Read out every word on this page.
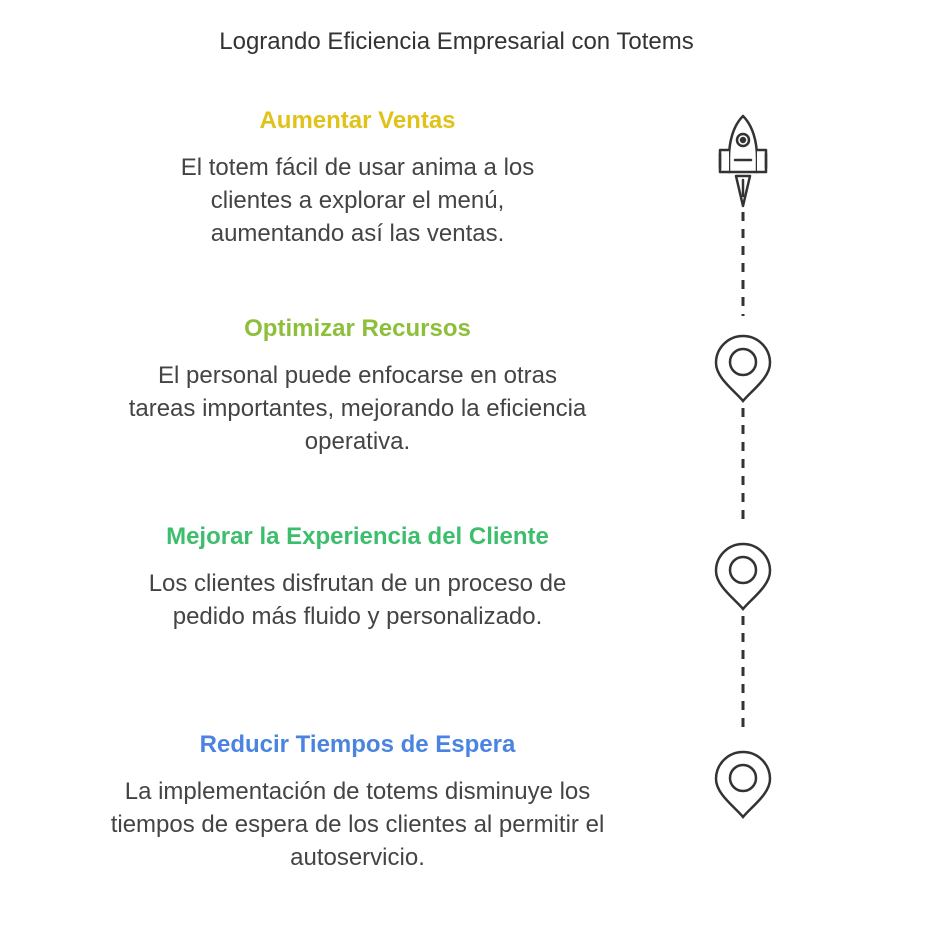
Logrando Eficiencia Empresarial con Totems
Aumentar Ventas
El totem fácil de usar anima a los clientes a explorar el menú, aumentando así las ventas.
Optimizar Recursos
El personal puede enfocarse en otras tareas importantes, mejorando la eficiencia operativa.
Mejorar la Experiencia del Cliente
Los clientes disfrutan de un proceso de pedido más fluido y personalizado.
Reducir Tiempos de Espera
La implementación de totems disminuye los tiempos de espera de los clientes al permitir el autoservicio.
